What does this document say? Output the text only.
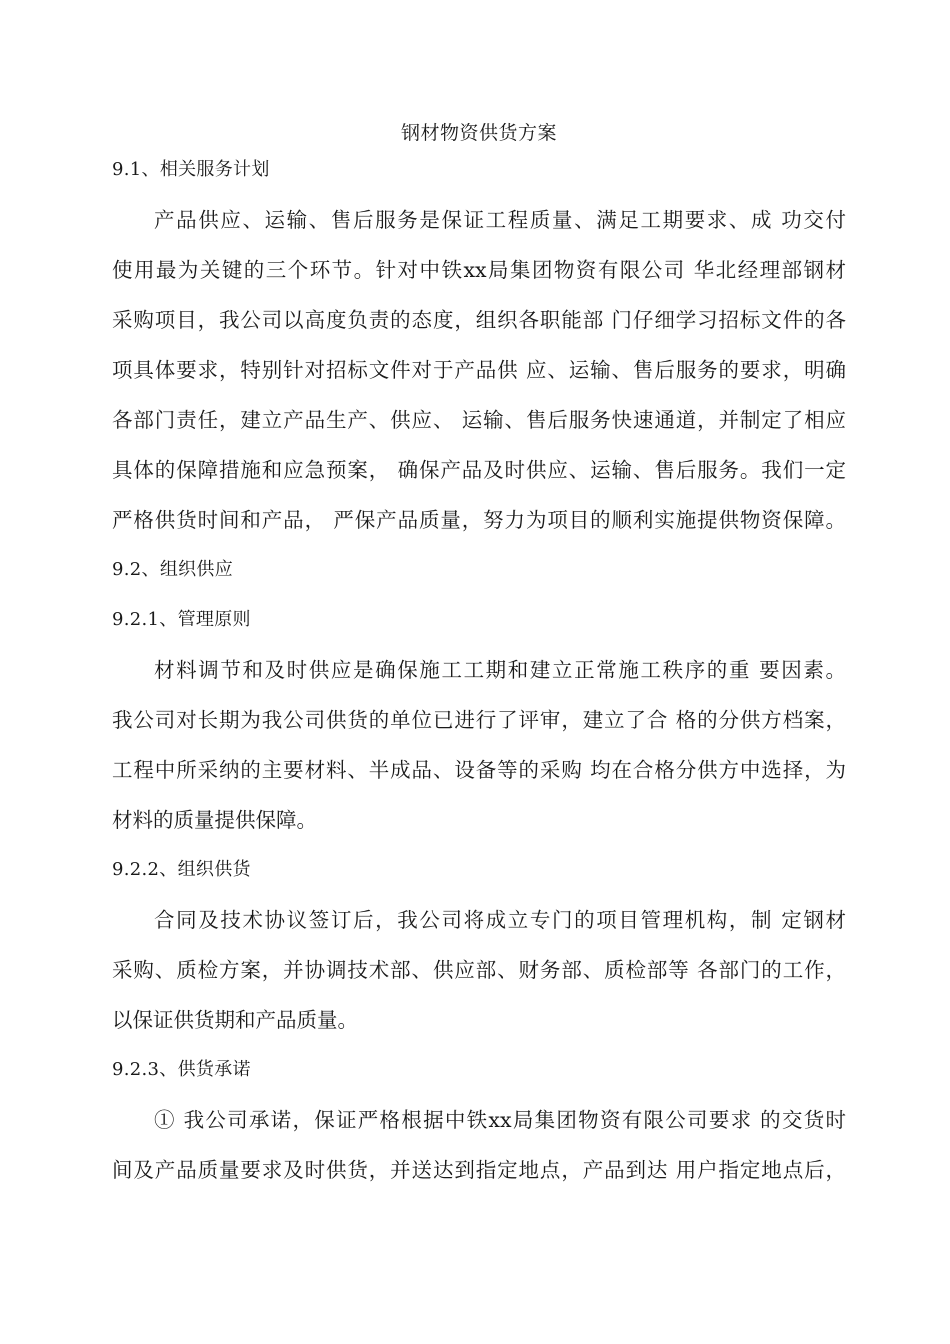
钢材物资供货方案
9.1、相关服务计划
产品供应、运输、售后服务是保证工程质量、满足工期要求、成 功交付
使用最为关键的三个环节。针对中铁xx局集团物资有限公司 华北经理部钢材
采购项目，我公司以高度负责的态度，组织各职能部 门仔细学习招标文件的各
项具体要求，特别针对招标文件对于产品供 应、运输、售后服务的要求，明确
各部门责任，建立产品生产、供应、 运输、售后服务快速通道，并制定了相应
具体的保障措施和应急预案， 确保产品及时供应、运输、售后服务。我们一定
严格供货时间和产品， 严保产品质量，努力为项目的顺利实施提供物资保障。
9.2、组织供应
9.2.1、管理原则
材料调节和及时供应是确保施工工期和建立正常施工秩序的重 要因素。
我公司对长期为我公司供货的单位已进行了评审，建立了合 格的分供方档案，
工程中所采纳的主要材料、半成品、设备等的采购 均在合格分供方中选择，为
材料的质量提供保障。
9.2.2、组织供货
合同及技术协议签订后，我公司将成立专门的项目管理机构，制 定钢材
采购、质检方案，并协调技术部、供应部、财务部、质检部等 各部门的工作，
以保证供货期和产品质量。
9.2.3、供货承诺
① 我公司承诺，保证严格根据中铁xx局集团物资有限公司要求 的交货时
间及产品质量要求及时供货，并送达到指定地点，产品到达 用户指定地点后，
